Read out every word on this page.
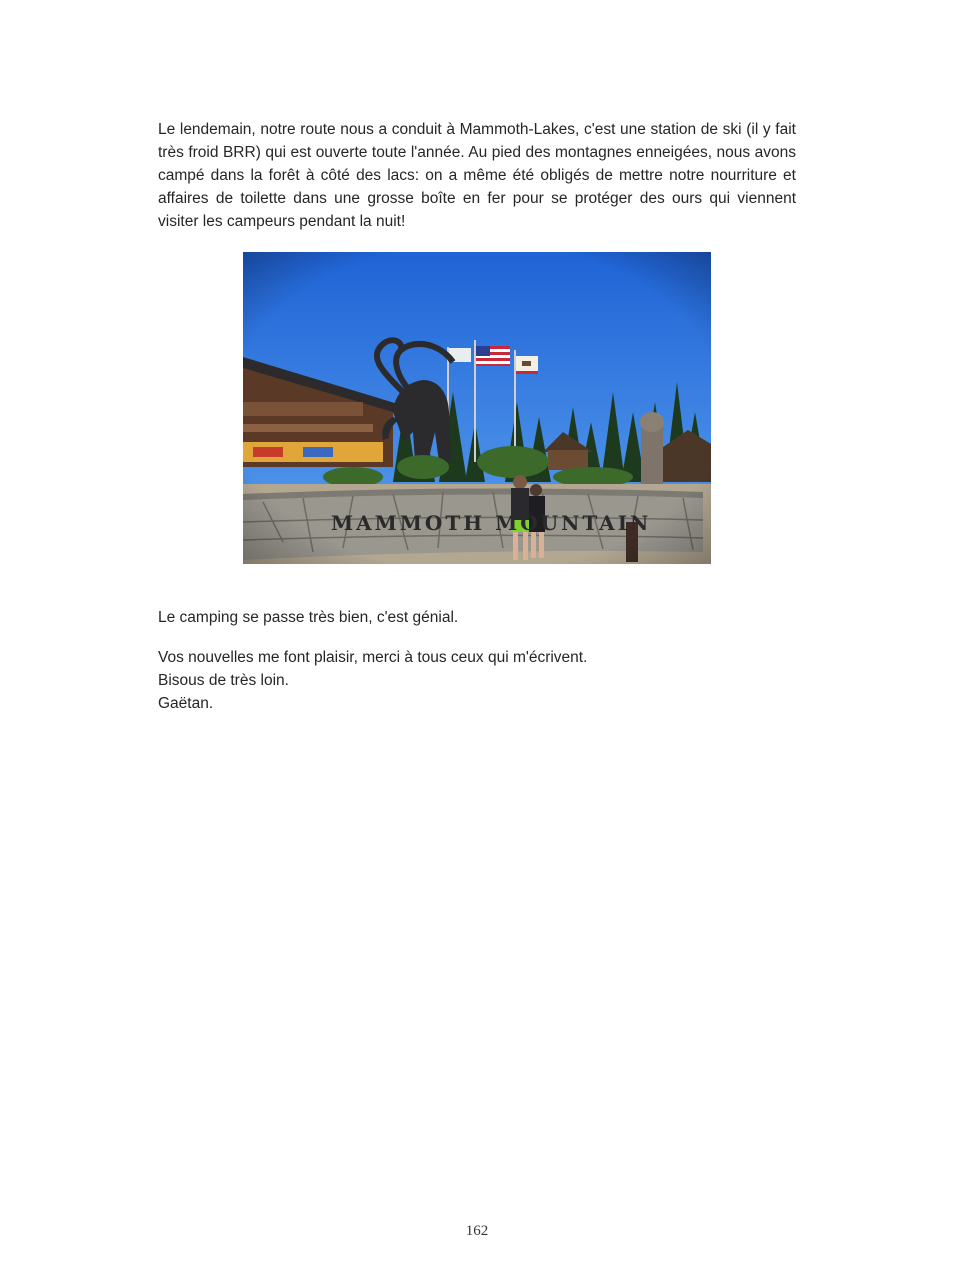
Le lendemain, notre route nous a conduit à Mammoth-Lakes, c'est une station de ski (il y fait très froid BRR) qui est ouverte toute l'année. Au pied des montagnes enneigées, nous avons campé dans la forêt à côté des lacs: on a même été obligés de mettre notre nourriture et affaires de toilette dans une grosse boîte en fer pour se protéger des ours qui viennent visiter les campeurs pendant la nuit!

Le camping se passe très bien, c'est génial.

Vos nouvelles me font plaisir, merci à tous ceux qui m'écrivent.
Bisous de très loin.
Gaëtan.

162
